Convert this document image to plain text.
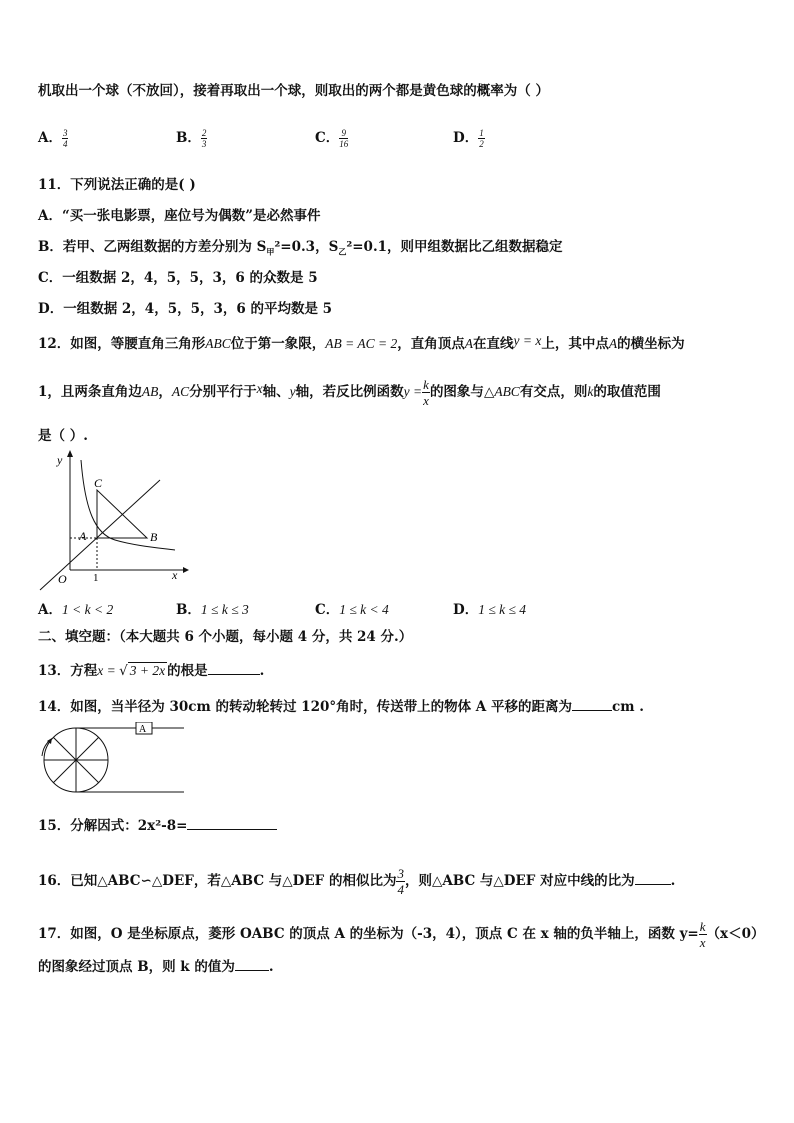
机取出一个球（不放回），接着再取出一个球，则取出的两个都是黄色球的概率为（ ）
A． $\frac{3}{4}$	B． $\frac{2}{3}$	C． $\frac{9}{16}$	D． $\frac{1}{2}$
11．下列说法正确的是( )
A．“买一张电影票，座位号为偶数”是必然事件
B．若甲、乙两组数据的方差分别为 $S_甲^2=0.3$，$S_乙^2=0.1$，则甲组数据比乙组数据稳定
C．一组数据 2，4，5，5，3，6 的众数是 5
D．一组数据 2，4，5，5，3，6 的平均数是 5
12．如图，等腰直角三角形ABC位于第一象限，AB = AC = 2，直角顶点A在直线y = x上，其中点A的横坐标为
1，且两条直角边AB，AC分别平行于x轴、y轴，若反比例函数$y = \frac{k}{x}$ 的图象与△ABC有交点，则k的取值范围
是（ ）.
y
C
A	B
O 1	x
A．1 < k < 2	B．1 ≤ k ≤ 3	C．1 ≤ k < 4	D．1 ≤ k ≤ 4
二、填空题：（本大题共 6 个小题，每小题 4 分，共 24 分.）
13．方程x = √ 3 + 2x 的根是	.
14．如图，当半径为 30cm 的转动轮转过 120°角时，传送带上的物体 A 平移的距离为	cm .
A
15．分解因式：2x²-8=
16．已知△ABC∽△DEF，若△ABC 与△DEF 的相似比为 $\frac{3}{4}$ ，则△ABC 与△DEF 对应中线的比为	.
17．如图，O 是坐标原点，菱形 OABC 的顶点 A 的坐标为（-3，4），顶点 C 在 x 轴的负半轴上，函数 $y= \frac{k}{x} (x<0)$
的图象经过顶点 B，则 k 的值为	.
